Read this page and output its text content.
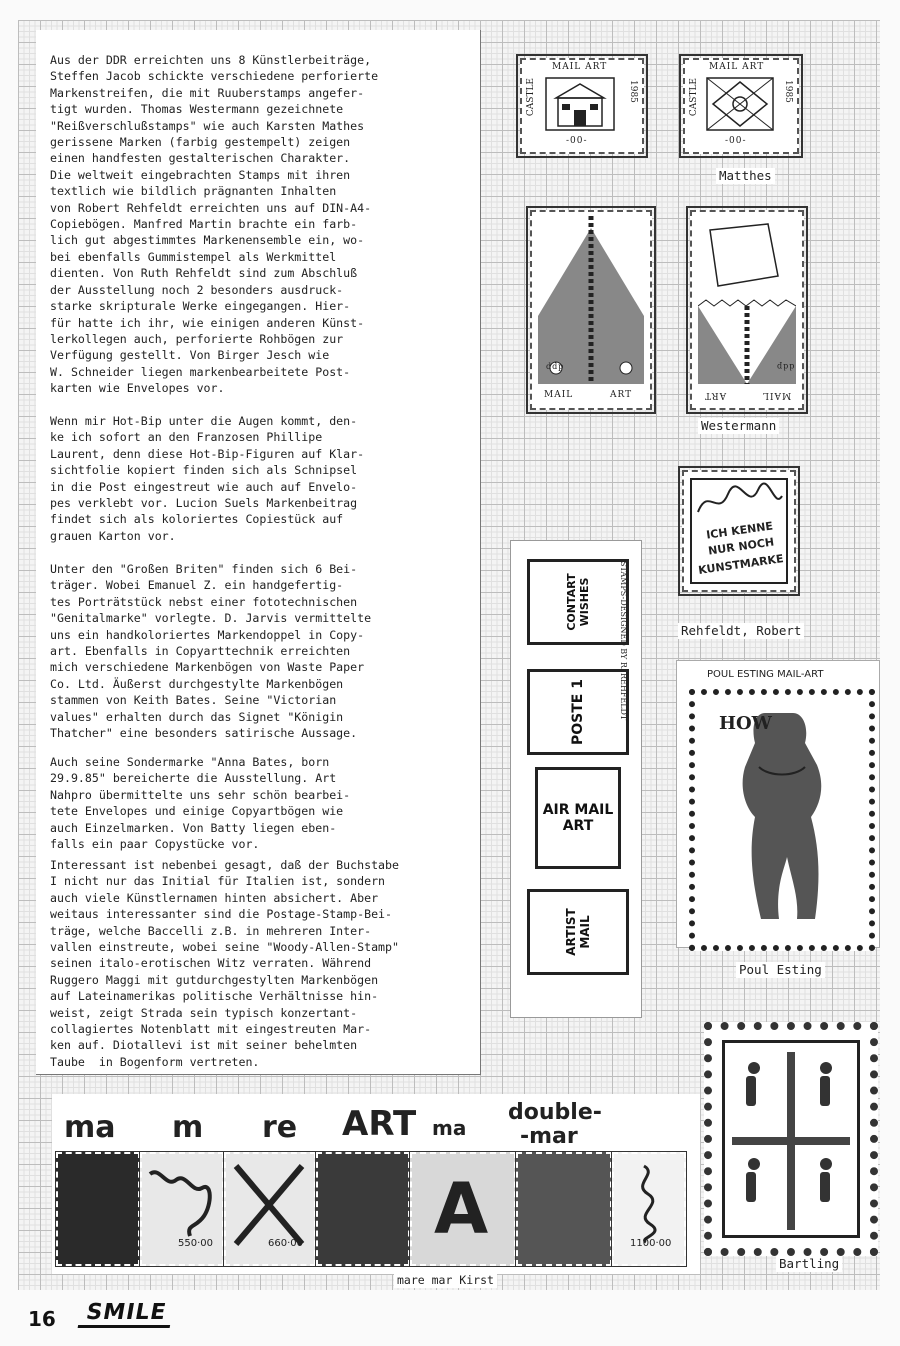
Aus der DDR erreichten uns 8 Künstlerbeiträge,
Steffen Jacob schickte verschiedene perforierte
Markenstreifen, die mit Ruuberstamps angefer-
tigt wurden. Thomas Westermann gezeichnete
"Reißverschlußstamps" wie auch Karsten Mathes
gerissene Marken (farbig gestempelt) zeigen
einen handfesten gestalterischen Charakter.
Die weltweit eingebrachten Stamps mit ihren
textlich wie bildlich prägnanten Inhalten
von Robert Rehfeldt erreichten uns auf DIN-A4-
Copiebögen. Manfred Martin brachte ein farb-
lich gut abgestimmtes Markenensemble ein, wo-
bei ebenfalls Gummistempel als Werkmittel
dienten. Von Ruth Rehfeldt sind zum Abschluß
der Ausstellung noch 2 besonders ausdruck-
starke skripturale Werke eingegangen. Hier-
für hatte ich ihr, wie einigen anderen Künst-
lerkollegen auch, perforierte Rohbögen zur
Verfügung gestellt. Von Birger Jesch wie
W. Schneider liegen markenbearbeitete Post-
karten wie Envelopes vor.

Wenn mir Hot-Bip unter die Augen kommt, den-
ke ich sofort an den Franzosen Phillipe
Laurent, denn diese Hot-Bip-Figuren auf Klar-
sichtfolie kopiert finden sich als Schnipsel
in die Post eingestreut wie auch auf Envelo-
pes verklebt vor. Lucion Suels Markenbeitrag
findet sich als koloriertes Copiestück auf
grauen Karton vor.

Unter den "Großen Briten" finden sich 6 Bei-
träger. Wobei Emanuel Z. ein handgefertig-
tes Porträtstück nebst einer fototechnischen
"Genitalmarke" vorlegte. D. Jarvis vermittelte
uns ein handkoloriertes Markendoppel in Copy-
art. Ebenfalls in Copyarttechnik erreichten
mich verschiedene Markenbögen von Waste Paper
Co. Ltd. Äußerst durchgestylte Markenbögen
stammen von Keith Bates. Seine "Victorian
values" erhalten durch das Signet "Königin
Thatcher" eine besonders satirische Aussage.

Auch seine Sondermarke "Anna Bates, born
29.9.85" bereicherte die Ausstellung. Art
Nahpro übermittelte uns sehr schön bearbei-
tete Envelopes und einige Copyartbögen wie
auch Einzelmarken. Von Batty liegen eben-
falls ein paar Copystücke vor.

Interessant ist nebenbei gesagt, daß der Buchstabe
I nicht nur das Initial für Italien ist, sondern
auch viele Künstlernamen hinten absichert. Aber
weitaus interessanter sind die Postage-Stamp-Bei-
träge, welche Baccelli z.B. in mehreren Inter-
vallen einstreute, wobei seine "Woody-Allen-Stamp"
seinen italo-erotischen Witz verraten. Während
Ruggero Maggi mit gutdurchgestylten Markenbögen
auf Lateinamerikas politische Verhältnisse hin-
weist, zeigt Strada sein typisch konzertant-
collagiertes Notenblatt mit eingestreuten Mar-
ken auf. Diotallevi ist mit seiner behelmten
Taube  in Bogenform vertreten.

MAIL ART
CASTLE	1985
-00-
MAIL ART
CASTLE	1985
-00-
Matthes
MAIL	ART
ddp
ART	MAIL
ddp
Westermann
ICH KENNE
NUR NOCH
KUNSTMARKE
Rehfeldt, Robert
CONTART WISHES
POSTE 1
AIR MAIL ART
ARTIST MAIL
STAMPS-DESIGNED BY R. REHFELDT	POUL ESTING MAIL-ART
HOW
Poul Esting
Bartling
ma m re ART ma
double-
-mar
A
550·00	660·00	1100·00
mare mar Kirst
16 SMILE
